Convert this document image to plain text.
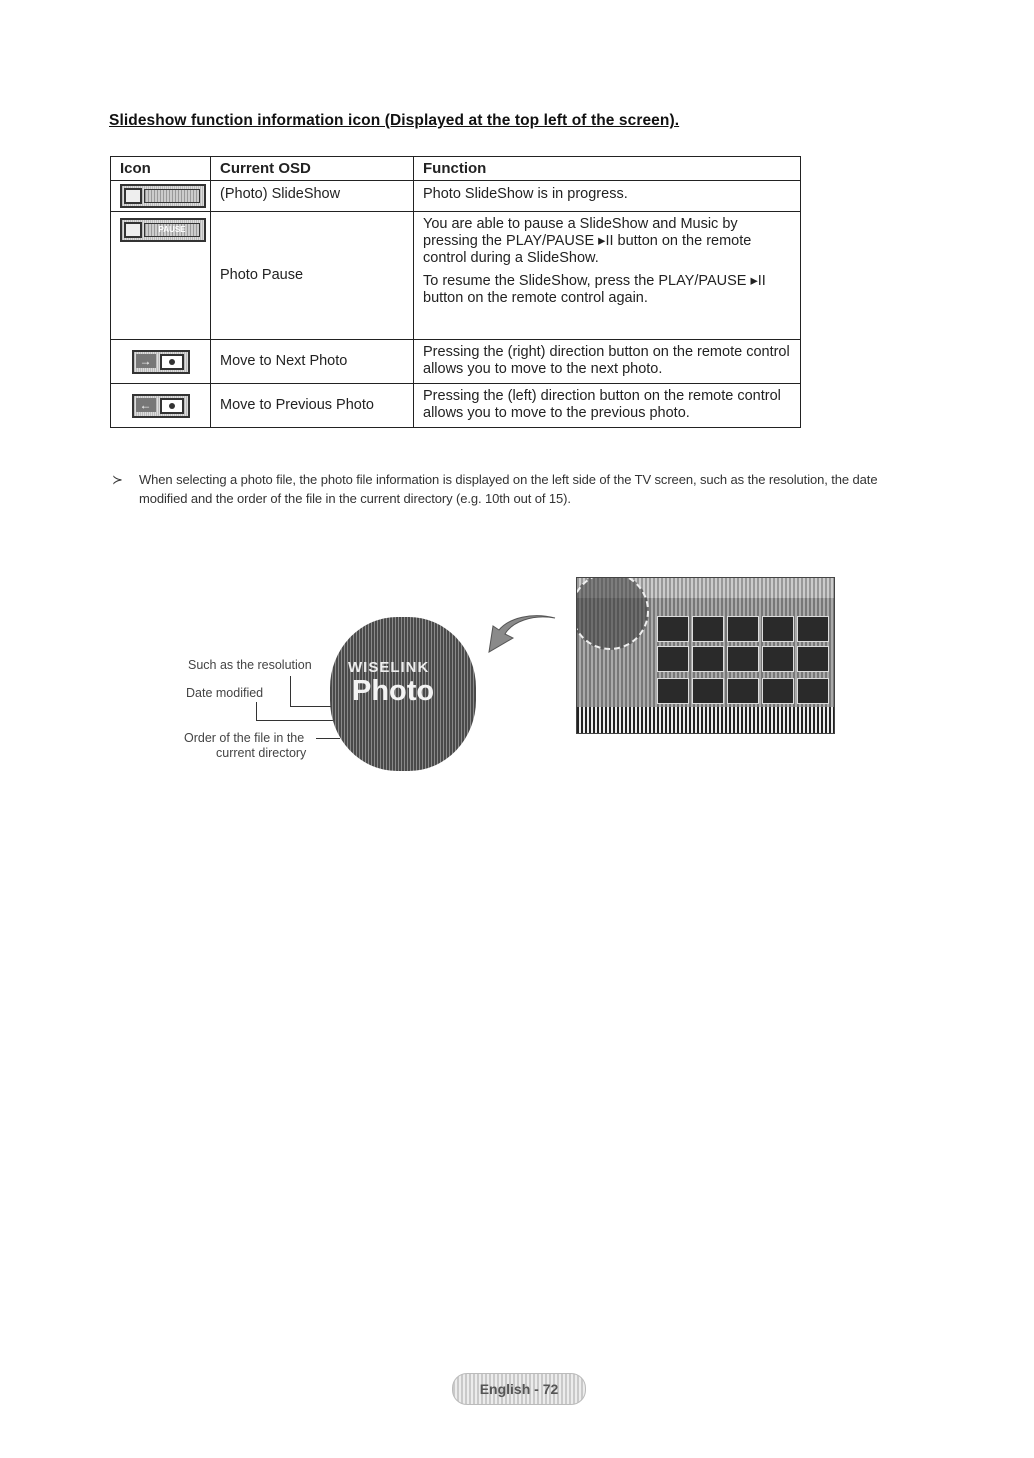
Slideshow function information icon (Displayed at the top left of the screen).
Icon	Current OSD	Function

	(Photo) SlideShow	Photo SlideShow is in progress.

PAUSE	Photo Pause	You are able to pause a SlideShow and Music by pressing the PLAY/PAUSE ▸II button on the remote control during a SlideShow.
To resume the SlideShow, press the PLAY/PAUSE ▸II button on the remote control again.

→	Move to Next Photo	Pressing the (right) direction button on the remote control allows you to move to the next photo.

←	Move to Previous Photo	Pressing the (left) direction button on the remote control allows you to move to the previous photo.
≻ When selecting a photo file, the photo file information is displayed on the left side of the TV screen, such as the resolution, the date modified and the order of the file in the current directory (e.g. 10th out of 15).
Such as the resolution
Date modified
Order of the file in the
current directory
WISELINK
Photo
English - 72
